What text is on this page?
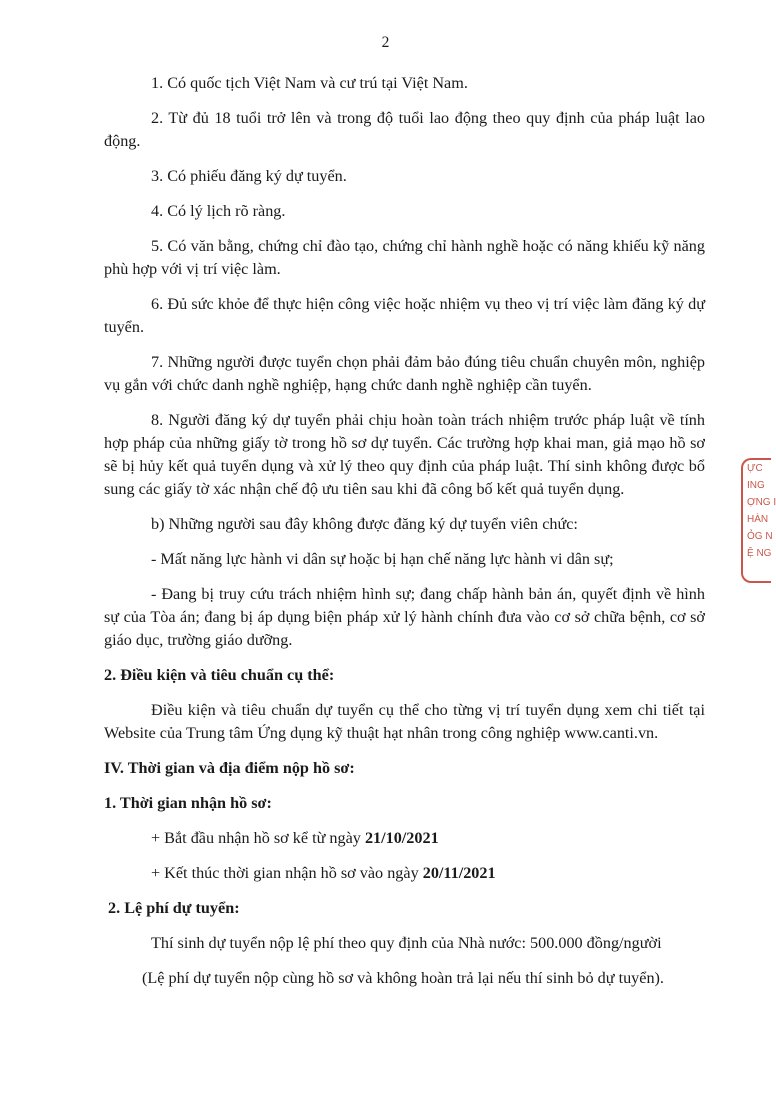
2

1. Có quốc tịch Việt Nam và cư trú tại Việt Nam.

2. Từ đủ 18 tuổi trở lên và trong độ tuổi lao động theo quy định của pháp luật lao động.

3. Có phiếu đăng ký dự tuyển.

4. Có lý lịch rõ ràng.

5. Có văn bằng, chứng chỉ đào tạo, chứng chỉ hành nghề hoặc có năng khiếu kỹ năng phù hợp với vị trí việc làm.

6. Đủ sức khỏe để thực hiện công việc hoặc nhiệm vụ theo vị trí việc làm đăng ký dự tuyển.

7. Những người được tuyển chọn phải đảm bảo đúng tiêu chuẩn chuyên môn, nghiệp vụ gắn với chức danh nghề nghiệp, hạng chức danh nghề nghiệp cần tuyển.

8. Người đăng ký dự tuyển phải chịu hoàn toàn trách nhiệm trước pháp luật về tính hợp pháp của những giấy tờ trong hồ sơ dự tuyển. Các trường hợp khai man, giả mạo hồ sơ sẽ bị hủy kết quả tuyển dụng và xử lý theo quy định của pháp luật. Thí sinh không được bổ sung các giấy tờ xác nhận chế độ ưu tiên sau khi đã công bố kết quả tuyển dụng.

b) Những người sau đây không được đăng ký dự tuyển viên chức:

- Mất năng lực hành vi dân sự hoặc bị hạn chế năng lực hành vi dân sự;

- Đang bị truy cứu trách nhiệm hình sự; đang chấp hành bản án, quyết định về hình sự của Tòa án; đang bị áp dụng biện pháp xử lý hành chính đưa vào cơ sở chữa bệnh, cơ sở giáo dục, trường giáo dưỡng.

2. Điều kiện và tiêu chuẩn cụ thể:

Điều kiện và tiêu chuẩn dự tuyển cụ thể cho từng vị trí tuyển dụng xem chi tiết tại Website của Trung tâm Ứng dụng kỹ thuật hạt nhân trong công nghiệp www.canti.vn.

IV. Thời gian và địa điểm nộp hồ sơ:

1. Thời gian nhận hồ sơ:

+ Bắt đầu nhận hồ sơ kể từ ngày 21/10/2021

+ Kết thúc thời gian nhận hồ sơ vào ngày 20/11/2021

2. Lệ phí dự tuyển:

Thí sinh dự tuyển nộp lệ phí theo quy định của Nhà nước: 500.000 đồng/người

(Lệ phí dự tuyển nộp cùng hồ sơ và không hoàn trả lại nếu thí sinh bỏ dự tuyển).

ỰC
ING
ỢNG I
HÀN
ỎG N
Ệ NG
